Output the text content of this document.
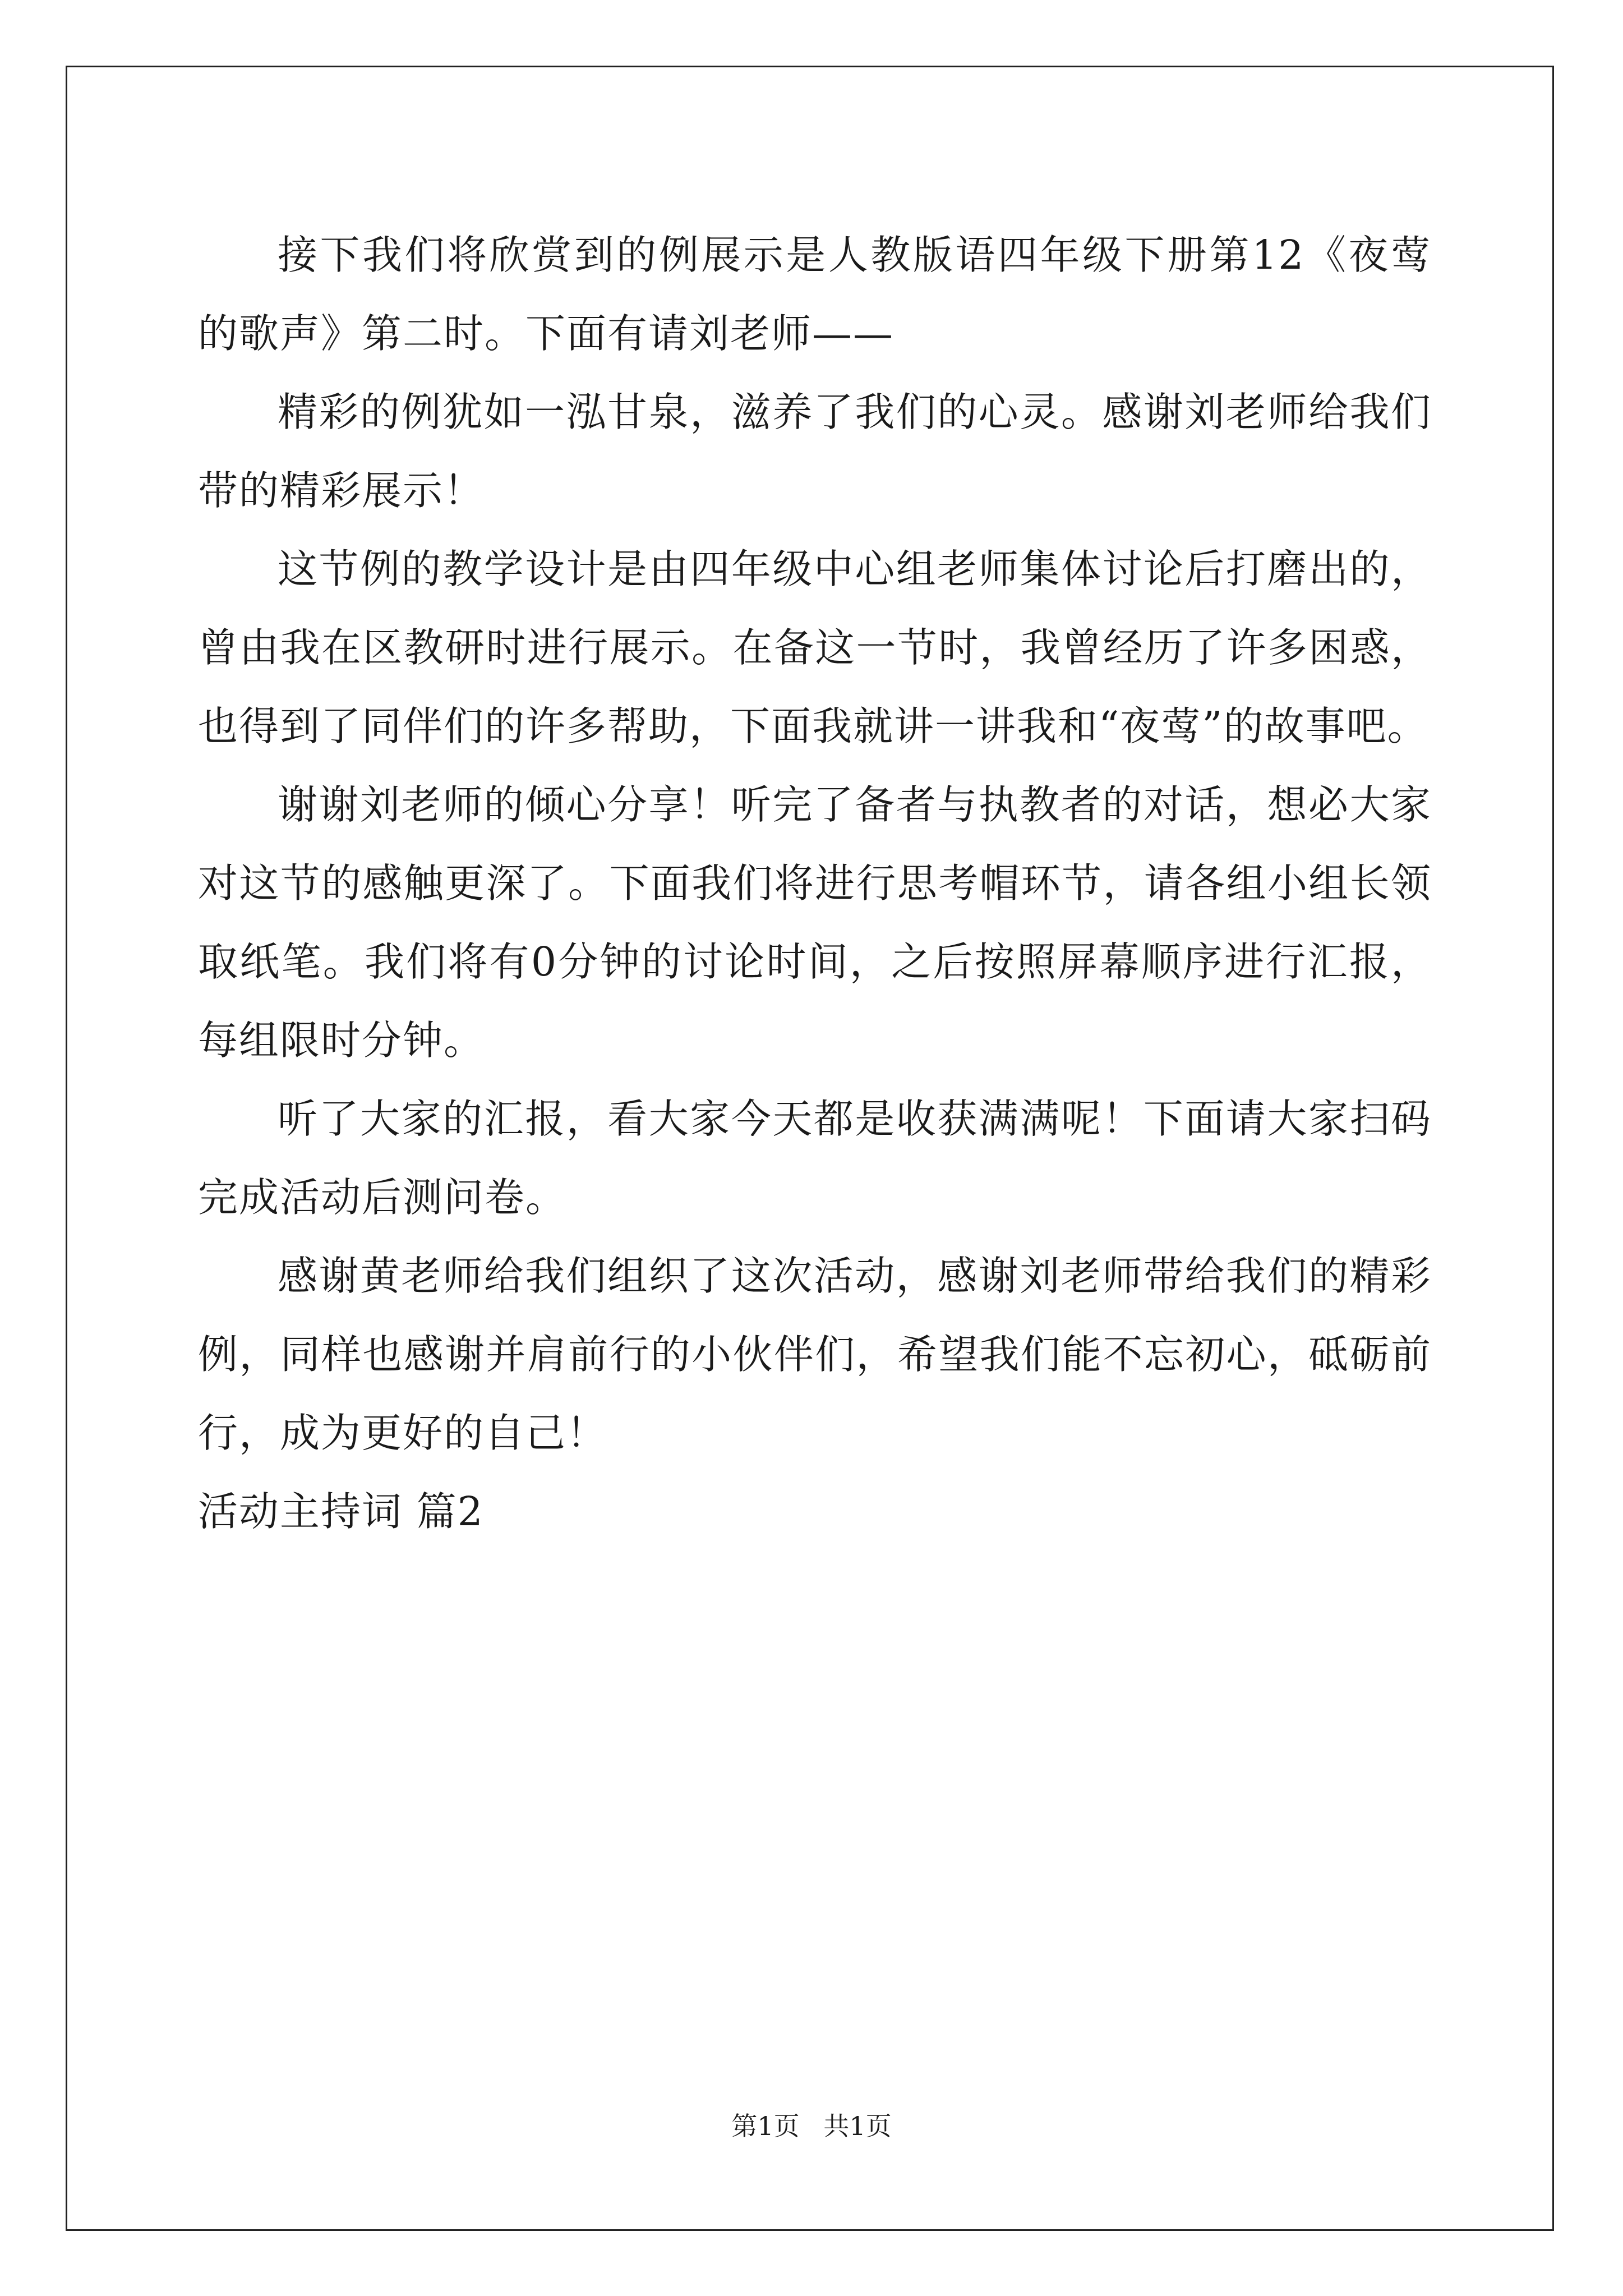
接下我们将欣赏到的例展示是人教版语四年级下册第12《夜莺的歌声》第二时。下面有请刘老师——

精彩的例犹如一泓甘泉，滋养了我们的心灵。感谢刘老师给我们带的精彩展示！

这节例的教学设计是由四年级中心组老师集体讨论后打磨出的，曾由我在区教研时进行展示。在备这一节时，我曾经历了许多困惑，也得到了同伴们的许多帮助，下面我就讲一讲我和“夜莺”的故事吧。

谢谢刘老师的倾心分享！听完了备者与执教者的对话，想必大家对这节的感触更深了。下面我们将进行思考帽环节，请各组小组长领取纸笔。我们将有0分钟的讨论时间，之后按照屏幕顺序进行汇报，每组限时分钟。

听了大家的汇报，看大家今天都是收获满满呢！下面请大家扫码完成活动后测问卷。

感谢黄老师给我们组织了这次活动，感谢刘老师带给我们的精彩例，同样也感谢并肩前行的小伙伴们，希望我们能不忘初心，砥砺前行，成为更好的自己！

活动主持词 篇2

第1页 共1页
